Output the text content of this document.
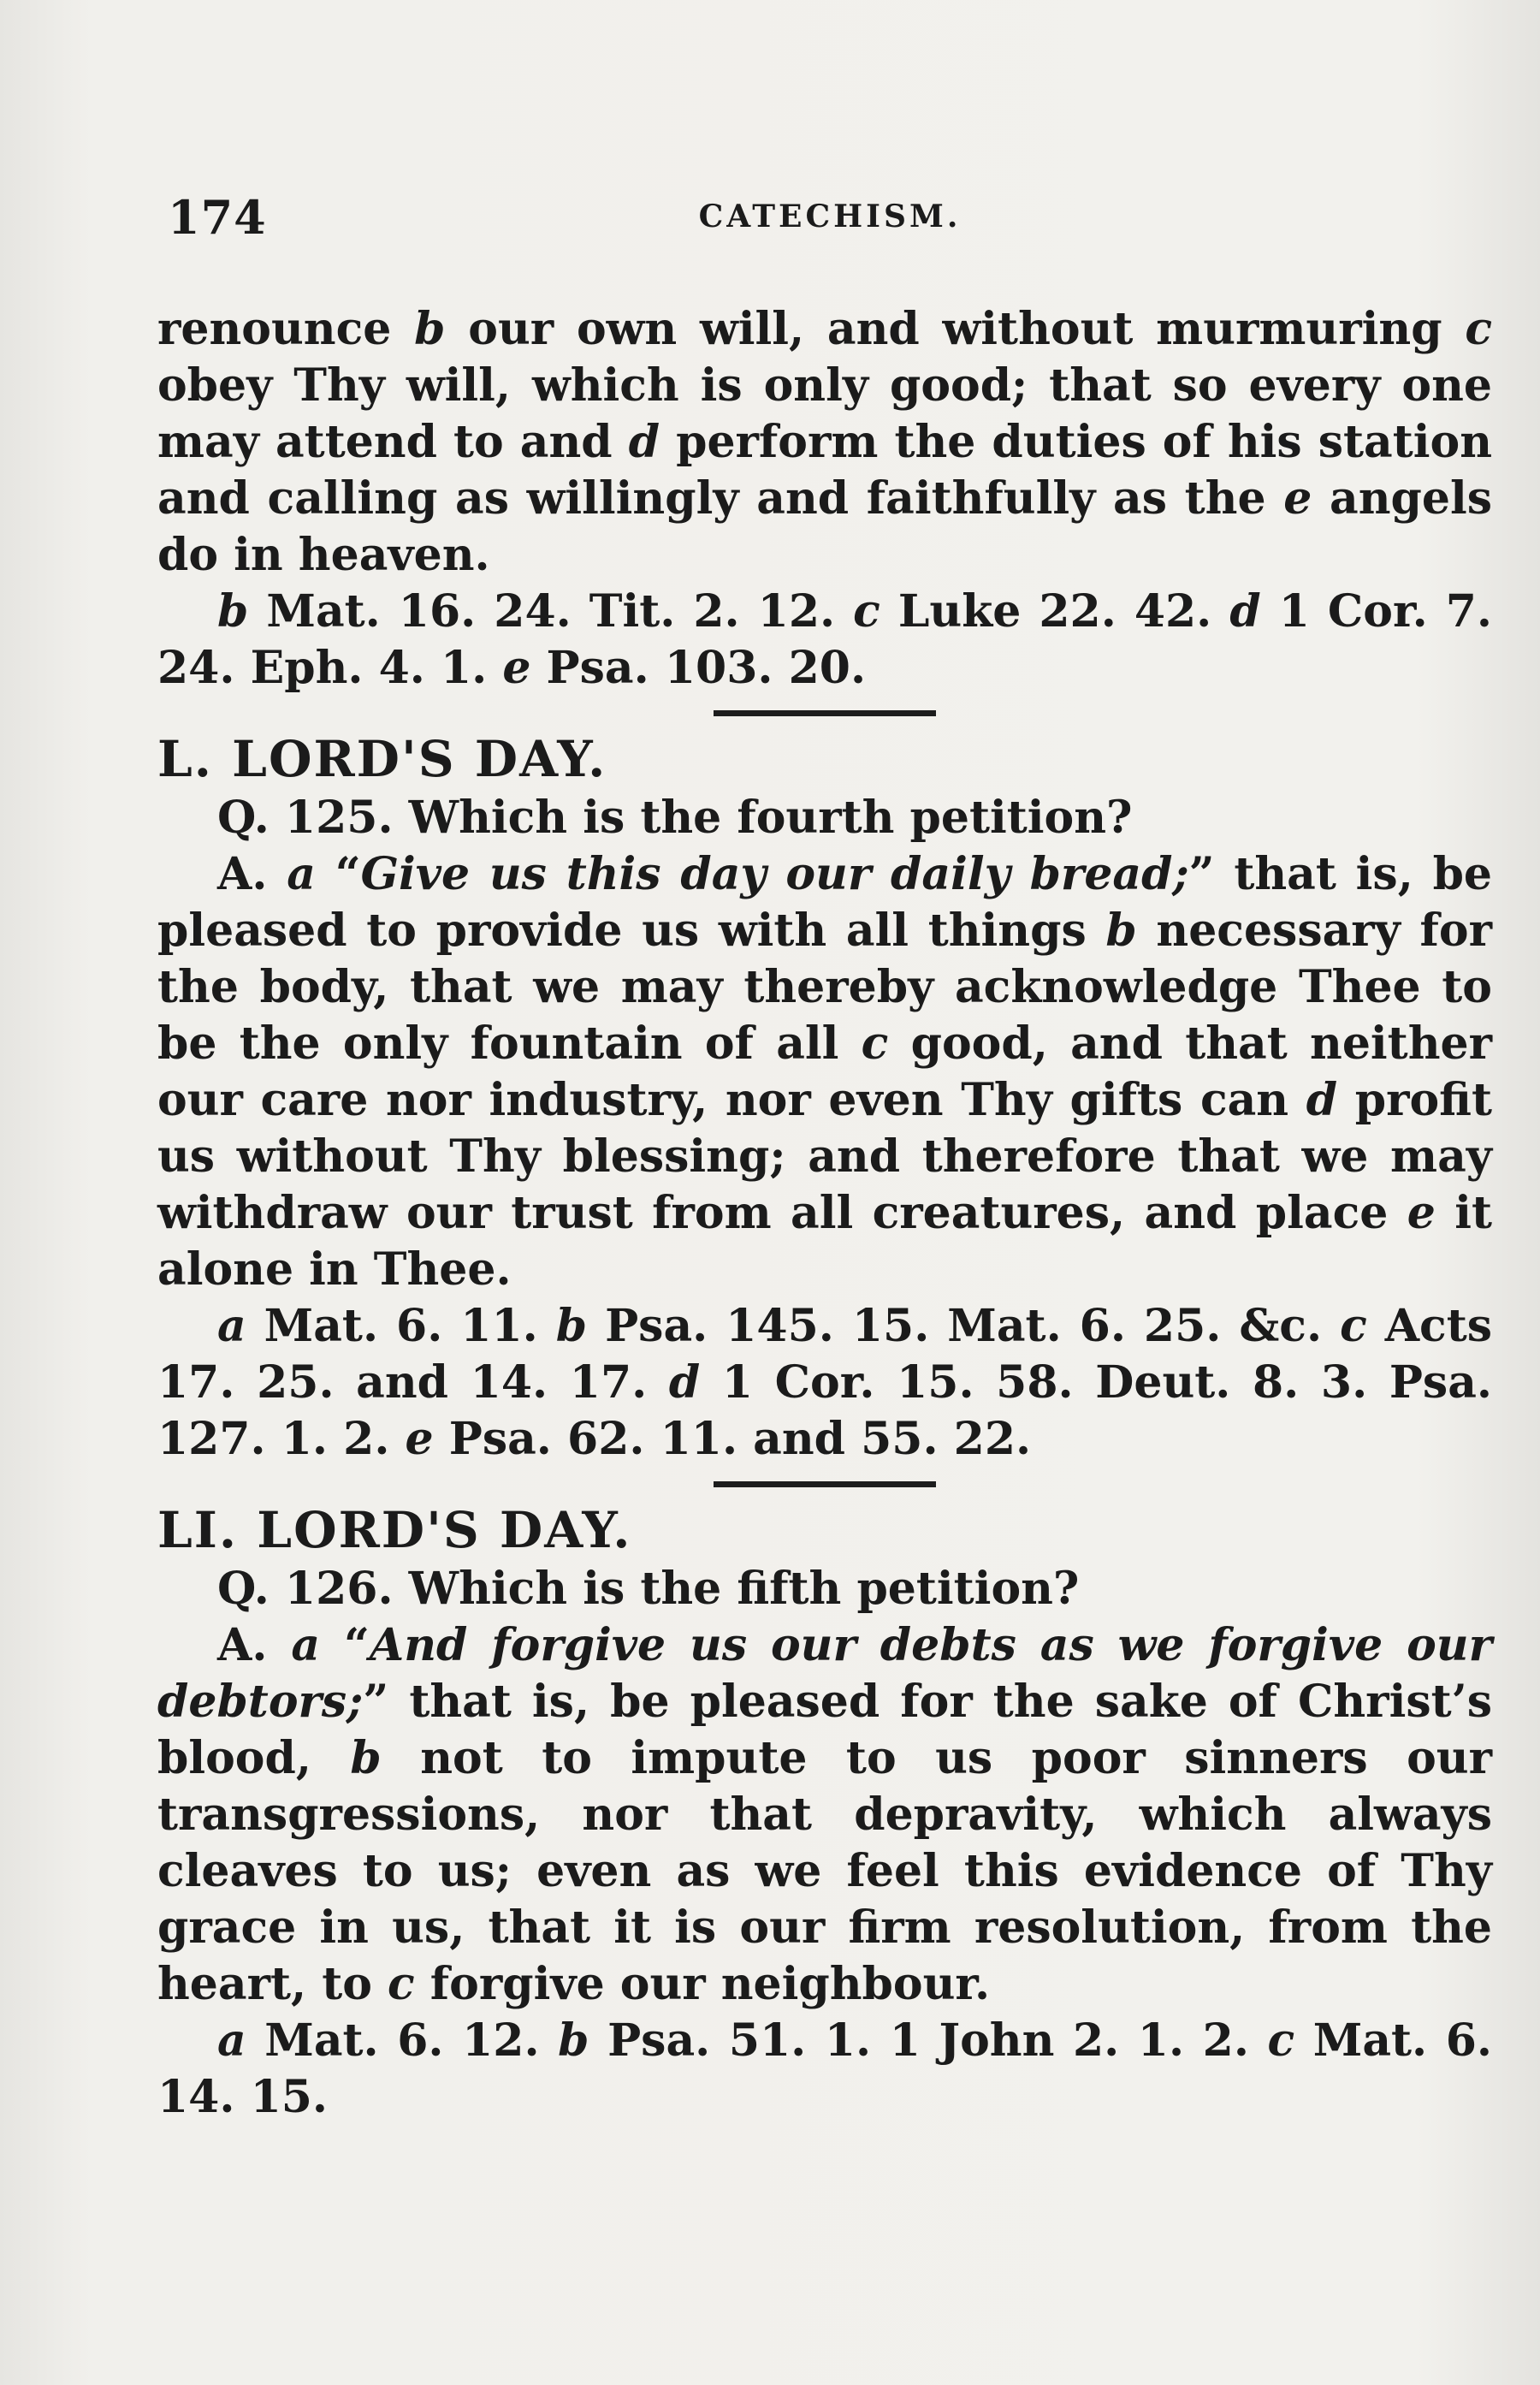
174	CATECHISM.

renounce b our own will, and without murmuring c obey Thy will, which is only good; that so every one may attend to and d perform the duties of his station and calling as willingly and faithfully as the e angels do in heaven.

b Mat. 16. 24. Tit. 2. 12. c Luke 22. 42. d 1 Cor. 7. 24. Eph. 4. 1. e Psa. 103. 20.

L. LORD'S DAY.

Q. 125. Which is the fourth petition?

A. a “Give us this day our daily bread;” that is, be pleased to provide us with all things b necessary for the body, that we may thereby acknowledge Thee to be the only fountain of all c good, and that neither our care nor industry, nor even Thy gifts can d profit us without Thy blessing; and therefore that we may withdraw our trust from all creatures, and place e it alone in Thee.

a Mat. 6. 11. b Psa. 145. 15. Mat. 6. 25. &c. c Acts 17. 25. and 14. 17. d 1 Cor. 15. 58. Deut. 8. 3. Psa. 127. 1. 2. e Psa. 62. 11. and 55. 22.

LI. LORD'S DAY.

Q. 126. Which is the fifth petition?

A. a “And forgive us our debts as we forgive our debtors;” that is, be pleased for the sake of Christ’s blood, b not to impute to us poor sinners our transgressions, nor that depravity, which always cleaves to us; even as we feel this evidence of Thy grace in us, that it is our firm resolution, from the heart, to c forgive our neighbour.

a Mat. 6. 12. b Psa. 51. 1. 1 John 2. 1. 2. c Mat. 6. 14. 15.
